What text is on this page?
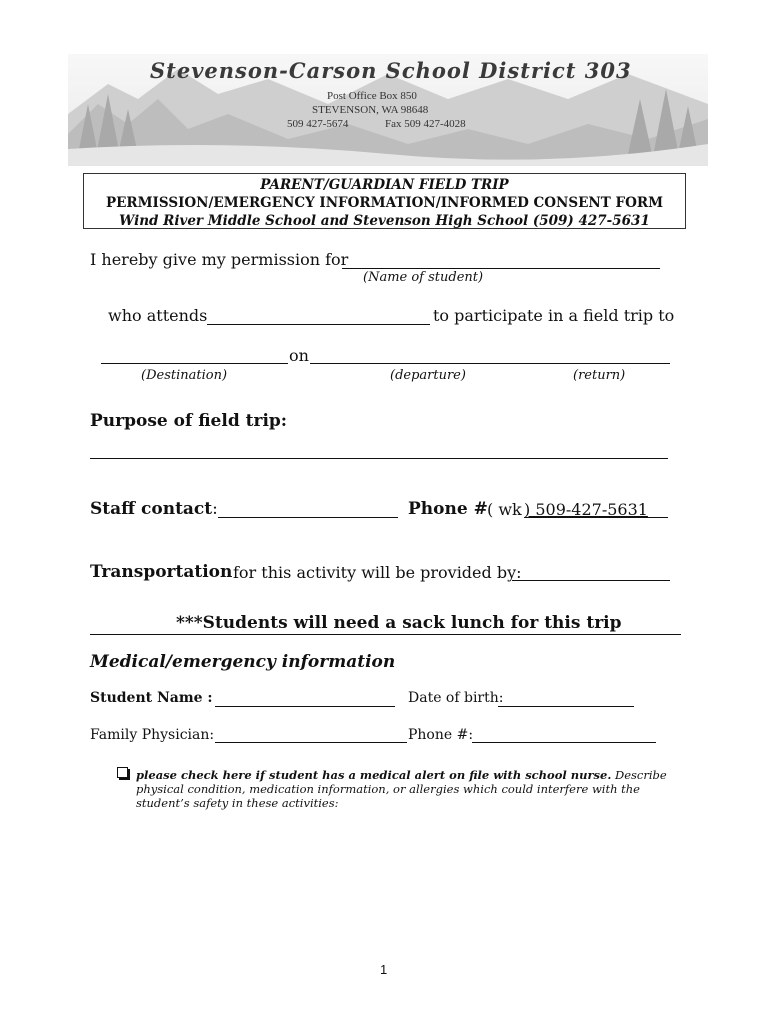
Stevenson-Carson School District 303
Post Office Box 850
STEVENSON, WA 98648
509 427-5674	Fax 509 427-4028
PARENT/GUARDIAN FIELD TRIP
PERMISSION/EMERGENCY INFORMATION/INFORMED CONSENT FORM
Wind River Middle School and Stevenson High School (509) 427-5631
I hereby give my permission for
(Name of student)
who attends	to participate in a field trip to
on
(Destination)	(departure)	(return)
Purpose of field trip:
Staff contact:	Phone # ( wk ) 509-427-5631
Transportation for this activity will be provided by:
***Students will need a sack lunch for this trip
Medical/emergency information
Student Name :	Date of birth:
Family Physician:	Phone #:
please check here if student has a medical alert on file with school nurse. Describe physical condition, medication information, or allergies which could interfere with the student’s safety in these activities:
1
